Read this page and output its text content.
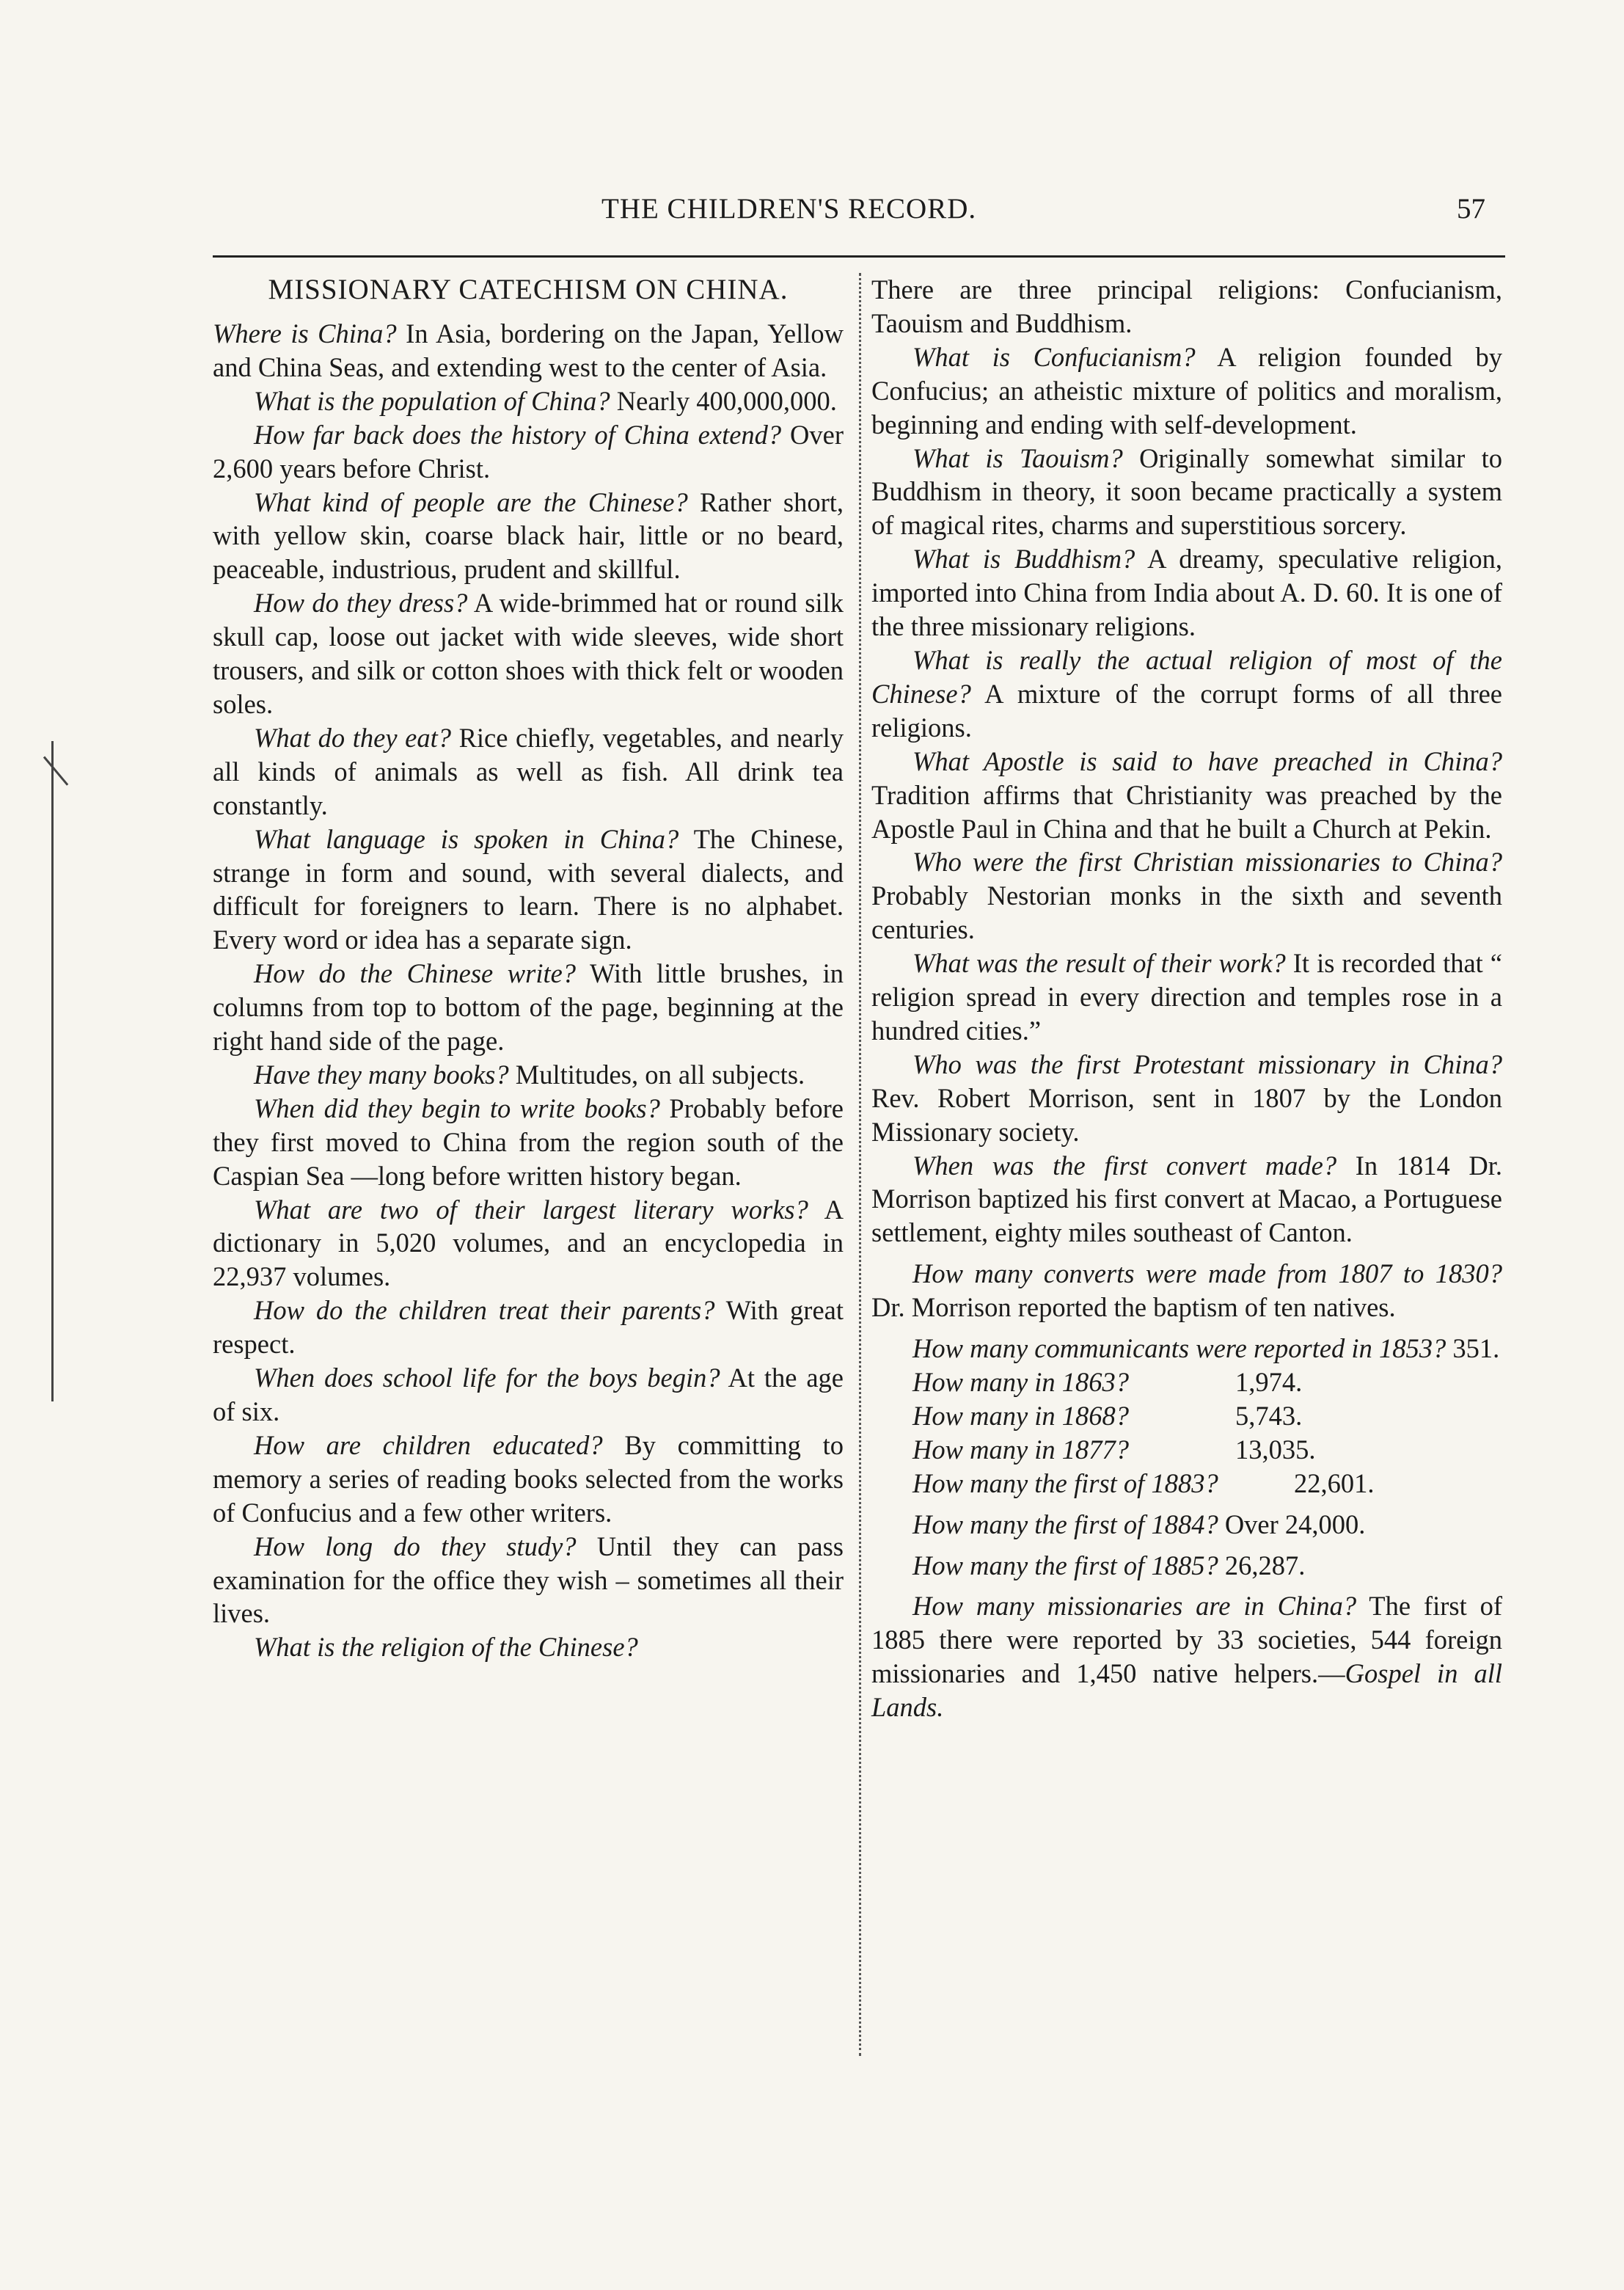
THE CHILDREN'S RECORD.	57
MISSIONARY CATECHISM ON CHINA.

Where is China? In Asia, bordering on the Japan, Yellow and China Seas, and extending west to the center of Asia.

What is the population of China? Nearly 400,000,000.

How far back does the history of China extend? Over 2,600 years before Christ.

What kind of people are the Chinese? Rather short, with yellow skin, coarse black hair, little or no beard, peaceable, industrious, prudent and skillful.

How do they dress? A wide-brimmed hat or round silk skull cap, loose out jacket with wide sleeves, wide short trousers, and silk or cotton shoes with thick felt or wooden soles.

What do they eat? Rice chiefly, vegetables, and nearly all kinds of animals as well as fish. All drink tea constantly.

What language is spoken in China? The Chinese, strange in form and sound, with several dialects, and difficult for foreigners to learn. There is no alphabet. Every word or idea has a separate sign.

How do the Chinese write? With little brushes, in columns from top to bottom of the page, beginning at the right hand side of the page.

Have they many books? Multitudes, on all subjects.

When did they begin to write books? Probably before they first moved to China from the region south of the Caspian Sea —long before written history began.

What are two of their largest literary works? A dictionary in 5,020 volumes, and an encyclopedia in 22,937 volumes.

How do the children treat their parents? With great respect.

When does school life for the boys begin? At the age of six.

How are children educated? By committing to memory a series of reading books selected from the works of Confucius and a few other writers.

How long do they study? Until they can pass examination for the office they wish – sometimes all their lives.

What is the religion of the Chinese?

There are three principal religions: Confucianism, Taouism and Buddhism.

What is Confucianism? A religion founded by Confucius; an atheistic mixture of politics and moralism, beginning and ending with self-development.

What is Taouism? Originally somewhat similar to Buddhism in theory, it soon became practically a system of magical rites, charms and superstitious sorcery.

What is Buddhism? A dreamy, speculative religion, imported into China from India about A. D. 60. It is one of the three missionary religions.

What is really the actual religion of most of the Chinese? A mixture of the corrupt forms of all three religions.

What Apostle is said to have preached in China? Tradition affirms that Christianity was preached by the Apostle Paul in China and that he built a Church at Pekin.

Who were the first Christian missionaries to China? Probably Nestorian monks in the sixth and seventh centuries.

What was the result of their work? It is recorded that “ religion spread in every direction and temples rose in a hundred cities.”

Who was the first Protestant missionary in China? Rev. Robert Morrison, sent in 1807 by the London Missionary society.

When was the first convert made? In 1814 Dr. Morrison baptized his first convert at Macao, a Portuguese settlement, eighty miles southeast of Canton.

How many converts were made from 1807 to 1830? Dr. Morrison reported the baptism of ten natives.

How many communicants were reported in 1853? 351.

How many in 1863?	1,974.
How many in 1868?	5,743.
How many in 1877?	13,035.
How many the first of 1883?	22,601.

How many the first of 1884? Over 24,000.

How many the first of 1885? 26,287.

How many missionaries are in China? The first of 1885 there were reported by 33 societies, 544 foreign missionaries and 1,450 native helpers.—Gospel in all Lands.
